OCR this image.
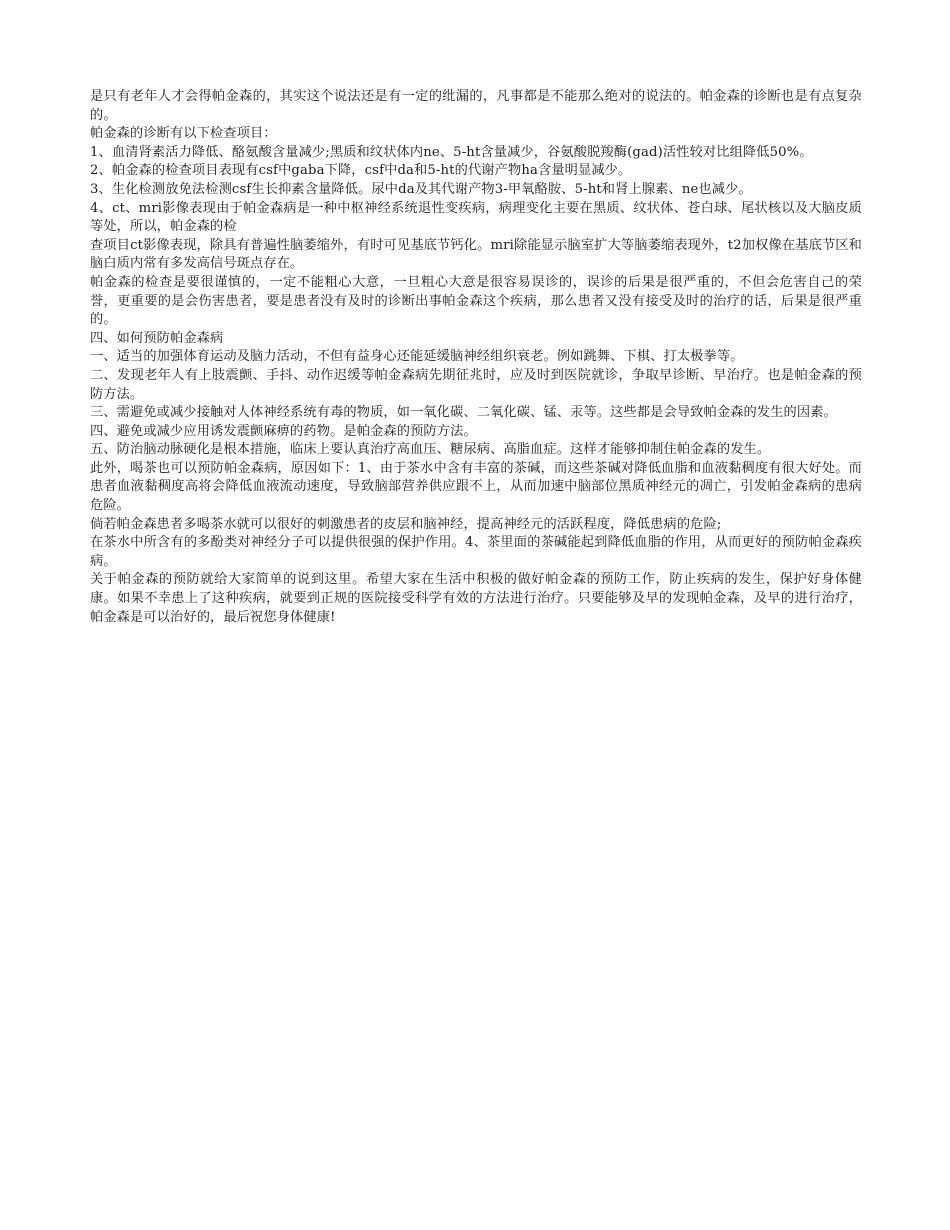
是只有老年人才会得帕金森的，其实这个说法还是有一定的纰漏的，凡事都是不能那么绝对的说法的。帕金森的诊断也是有点复杂的。

帕金森的诊断有以下检查项目：

1、血清肾素活力降低、酪氨酸含量减少;黑质和纹状体内ne、5-ht含量减少，谷氨酸脱羧酶(gad)活性较对比组降低50%。

2、帕金森的检查项目表现有csf中gaba下降，csf中da和5-ht的代谢产物ha含量明显减少。

3、生化检测放免法检测csf生长抑素含量降低。尿中da及其代谢产物3-甲氧酪胺、5-ht和肾上腺素、ne也减少。

4、ct、mri影像表现由于帕金森病是一种中枢神经系统退性变疾病，病理变化主要在黑质、纹状体、苍白球、尾状核以及大脑皮质等处，所以，帕金森的检

查项目ct影像表现，除具有普遍性脑萎缩外，有时可见基底节钙化。mri除能显示脑室扩大等脑萎缩表现外，t2加权像在基底节区和脑白质内常有多发高信号斑点存在。

帕金森的检查是要很谨慎的，一定不能粗心大意，一旦粗心大意是很容易误诊的，误诊的后果是很严重的，不但会危害自己的荣誉，更重要的是会伤害患者，要是患者没有及时的诊断出事帕金森这个疾病，那么患者又没有接受及时的治疗的话，后果是很严重的。

四、如何预防帕金森病

一、适当的加强体育运动及脑力活动，不但有益身心还能延缓脑神经组织衰老。例如跳舞、下棋、打太极拳等。

二、发现老年人有上肢震颤、手抖、动作迟缓等帕金森病先期征兆时，应及时到医院就诊，争取早诊断、早治疗。也是帕金森的预防方法。

三、需避免或减少接触对人体神经系统有毒的物质，如一氧化碳、二氧化碳、锰、汞等。这些都是会导致帕金森的发生的因素。

四、避免或减少应用诱发震颤麻痹的药物。是帕金森的预防方法。

五、防治脑动脉硬化是根本措施，临床上要认真治疗高血压、糖尿病、高脂血症。这样才能够抑制住帕金森的发生。

此外，喝茶也可以预防帕金森病，原因如下：1、由于茶水中含有丰富的茶碱，而这些茶碱对降低血脂和血液黏稠度有很大好处。而患者血液黏稠度高将会降低血液流动速度，导致脑部营养供应跟不上，从而加速中脑部位黑质神经元的凋亡，引发帕金森病的患病危险。

倘若帕金森患者多喝茶水就可以很好的刺激患者的皮层和脑神经，提高神经元的活跃程度，降低患病的危险;

在茶水中所含有的多酚类对神经分子可以提供很强的保护作用。4、茶里面的茶碱能起到降低血脂的作用，从而更好的预防帕金森疾病。

关于帕金森的预防就给大家简单的说到这里。希望大家在生活中积极的做好帕金森的预防工作，防止疾病的发生，保护好身体健康。如果不幸患上了这种疾病，就要到正规的医院接受科学有效的方法进行治疗。只要能够及早的发现帕金森，及早的进行治疗，帕金森是可以治好的，最后祝您身体健康!
